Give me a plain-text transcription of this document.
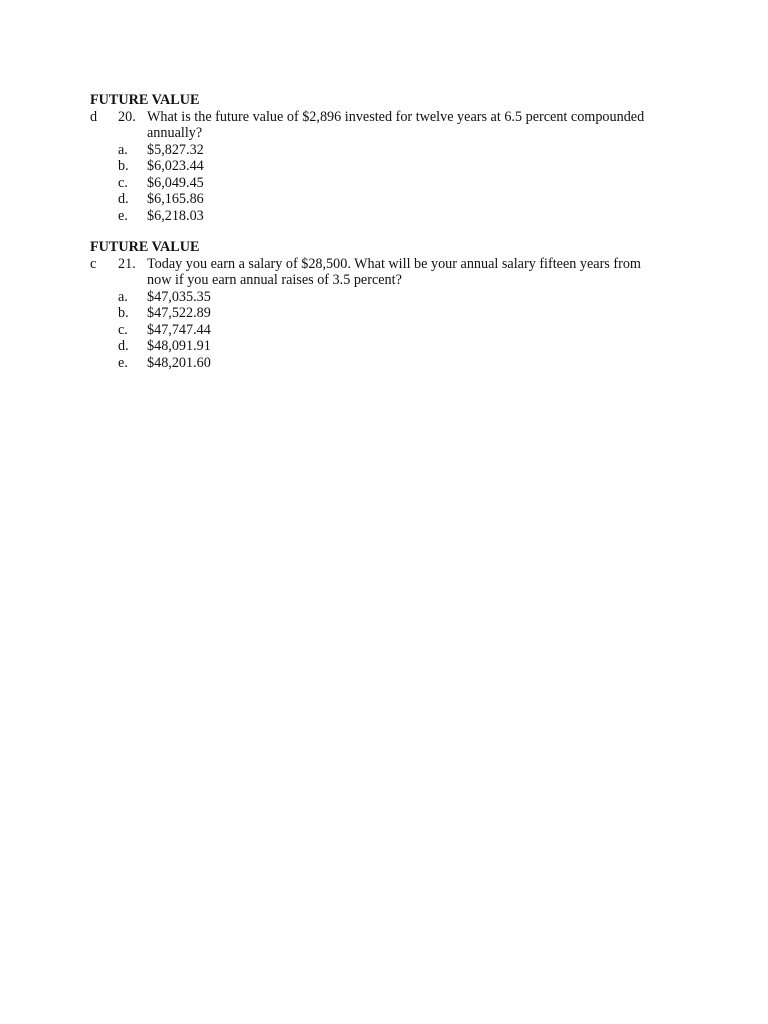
FUTURE VALUE

d 20. What is the future value of $2,896 invested for twelve years at 6.5 percent compounded annually?
a. $5,827.32
b. $6,023.44
c. $6,049.45
d. $6,165.86
e. $6,218.03

FUTURE VALUE

c 21. Today you earn a salary of $28,500. What will be your annual salary fifteen years from now if you earn annual raises of 3.5 percent?
a. $47,035.35
b. $47,522.89
c. $47,747.44
d. $48,091.91
e. $48,201.60
